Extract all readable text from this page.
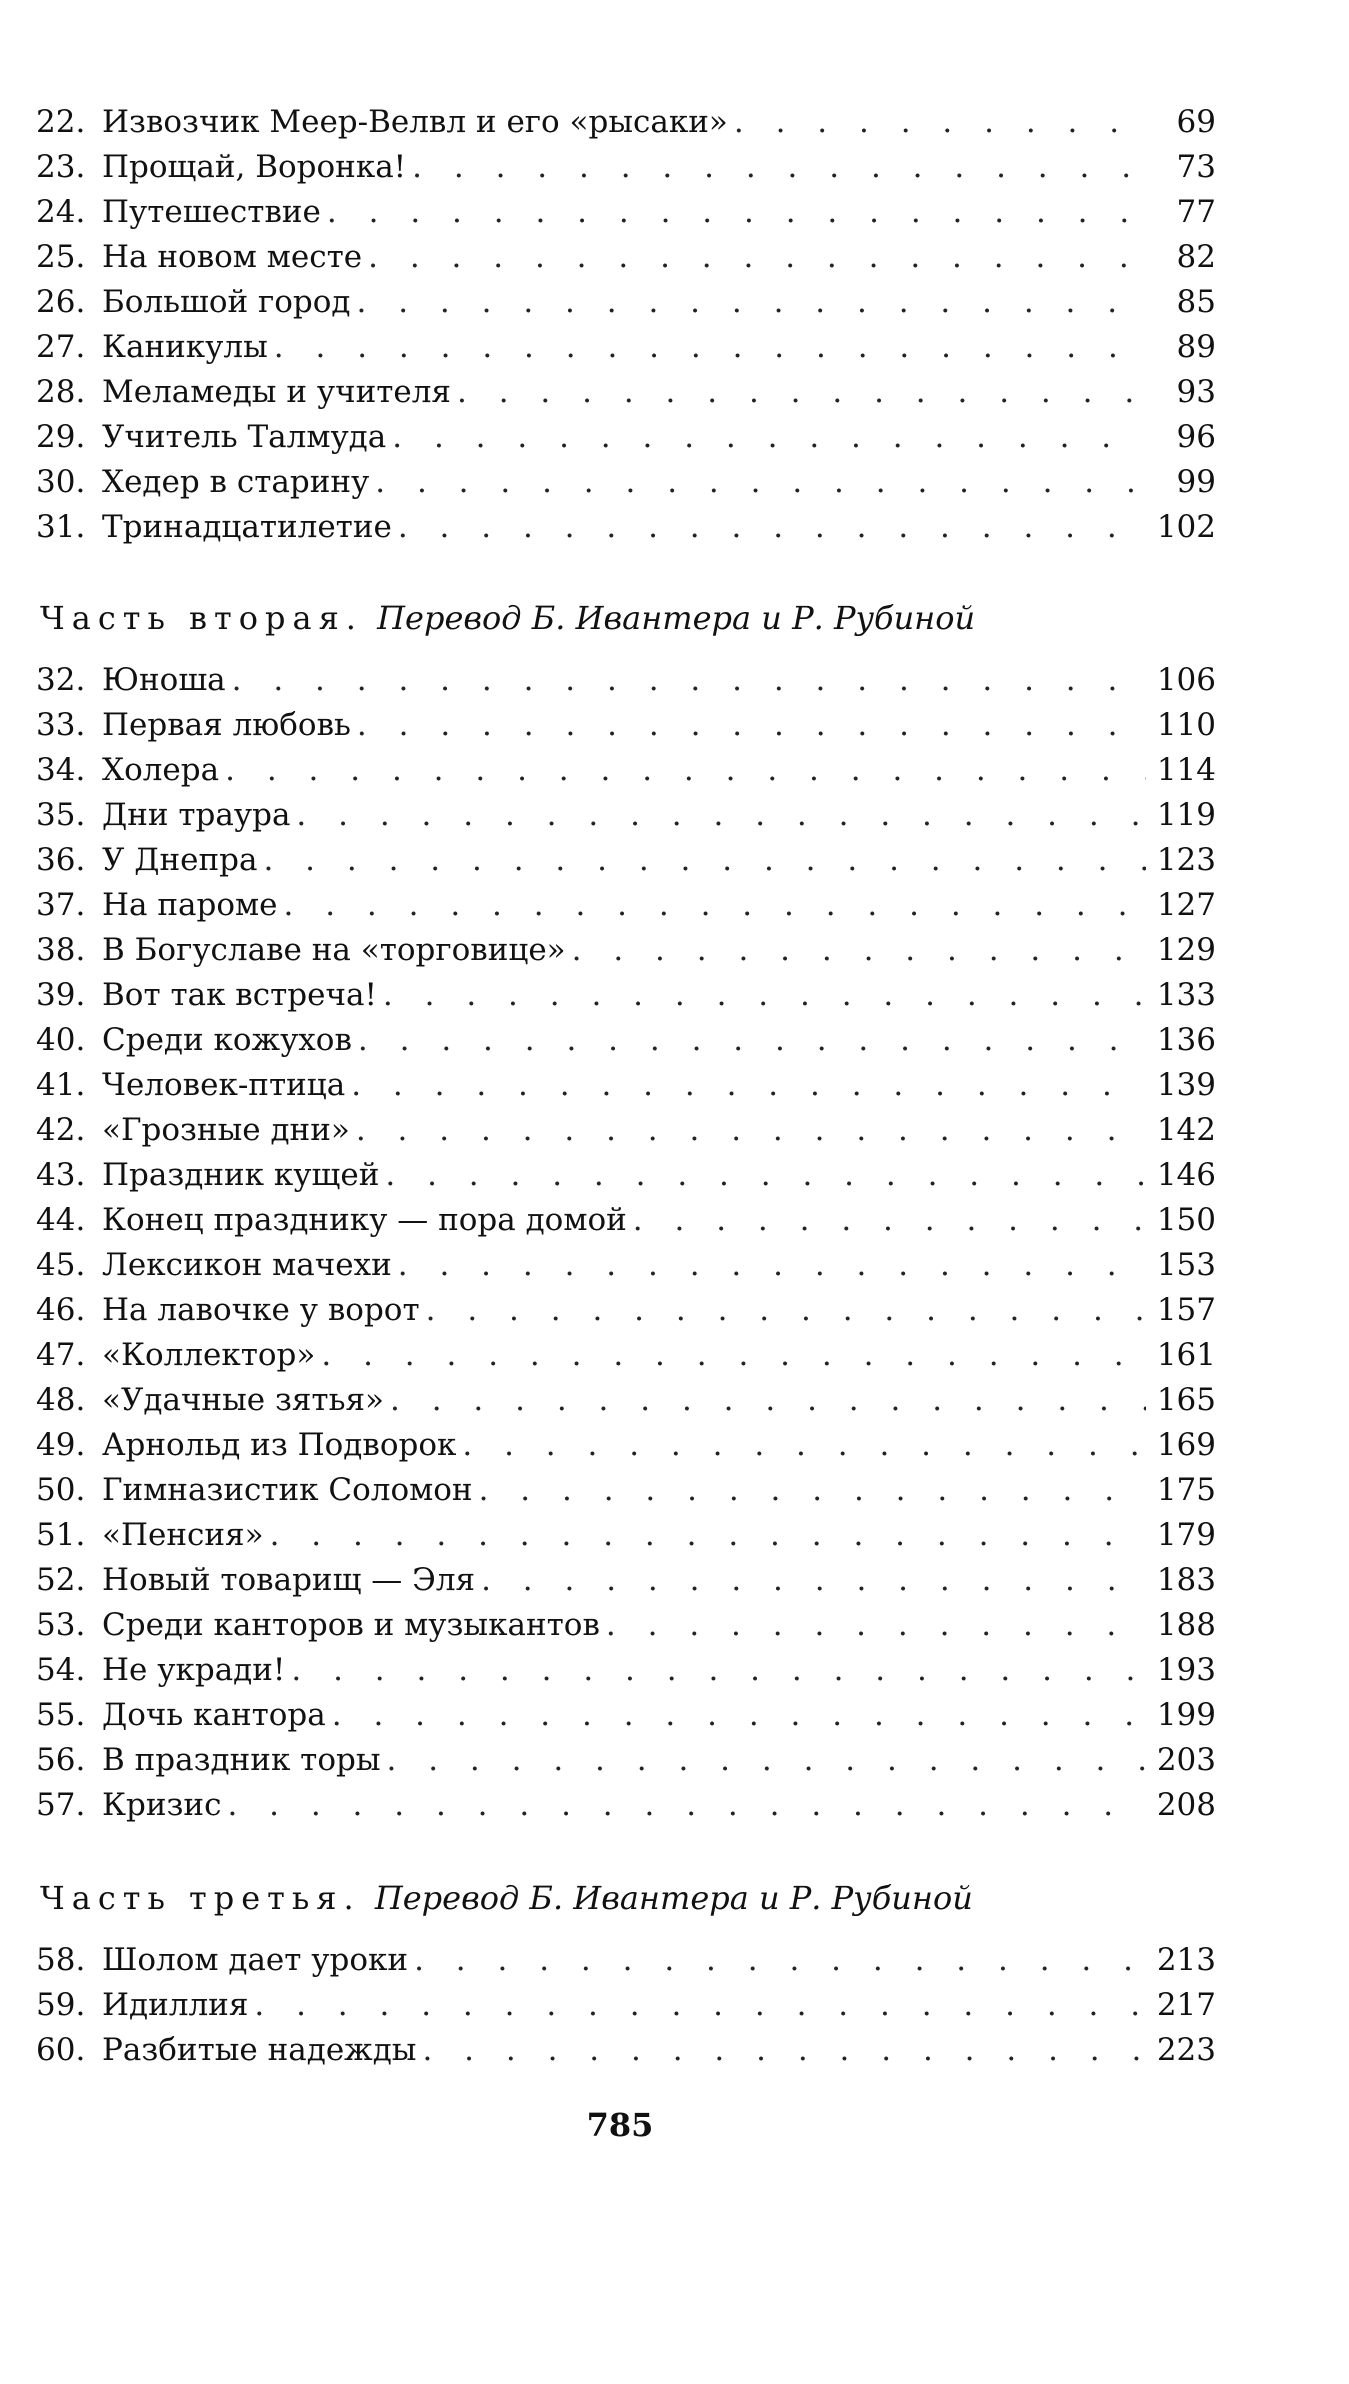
22. Извозчик Меер-Велвл и его «рысаки» . . .	69
23. Прощай, Воронка! . . .	73
24. Путешествие . . .	77
25. На новом месте . . .	82
26. Большой город . . .	85
27. Каникулы . . .	89
28. Меламеды и учителя . . .	93
29. Учитель Талмуда . . .	96
30. Хедер в старину . . .	99
31. Тринадцатилетие . . .	102
Часть вторая. Перевод Б. Ивантера и Р. Рубиной
32. Юноша . . .	106
33. Первая любовь . . .	110
34. Холера . . .	114
35. Дни траура . . .	119
36. У Днепра . . .	123
37. На пароме . . .	127
38. В Богуславе на «торговице» . . .	129
39. Вот так встреча! . . .	133
40. Среди кожухов . . .	136
41. Человек-птица . . .	139
42. «Грозные дни» . . .	142
43. Праздник кущей . . .	146
44. Конец празднику — пора домой . . .	150
45. Лексикон мачехи . . .	153
46. На лавочке у ворот . . .	157
47. «Коллектор» . . .	161
48. «Удачные зятья» . . .	165
49. Арнольд из Подворок . . .	169
50. Гимназистик Соломон . . .	175
51. «Пенсия» . . .	179
52. Новый товарищ — Эля . . .	183
53. Среди канторов и музыкантов . . .	188
54. Не укради! . . .	193
55. Дочь кантора . . .	199
56. В праздник торы . . .	203
57. Кризис . . .	208
Часть третья. Перевод Б. Ивантера и Р. Рубиной
58. Шолом дает уроки . . .	213
59. Идиллия . . .	217
60. Разбитые надежды . . .	223
785
